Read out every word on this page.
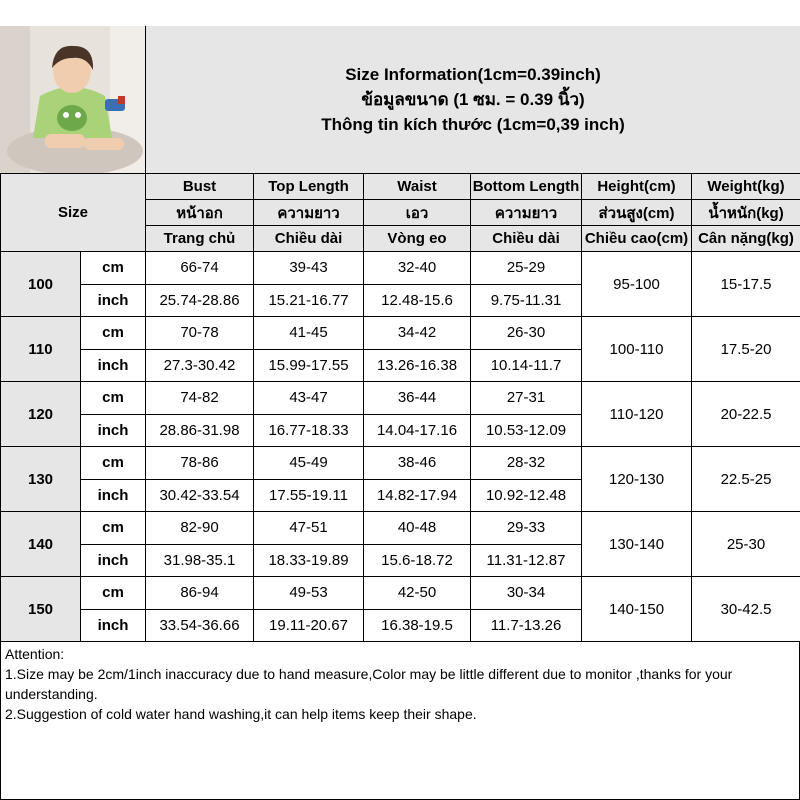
Size Information(1cm=0.39inch)
ข้อมูลขนาด (1 ซม. = 0.39 นิ้ว)
Thông tin kích thước (1cm=0,39 inch)
Size		Bust	Top Length	Waist	Bottom Length	Height(cm)	Weight(kg)
		หน้าอก	ความยาว	เอว	ความยาว	ส่วนสูง(cm)	น้ำหนัก(kg)
		Trang chủ	Chiều dài	Vòng eo	Chiều dài	Chiều cao(cm)	Cân nặng(kg)
100	cm	66-74	39-43	32-40	25-29	95-100	15-17.5
	inch	25.74-28.86	15.21-16.77	12.48-15.6	9.75-11.31		
110	cm	70-78	41-45	34-42	26-30	100-110	17.5-20
	inch	27.3-30.42	15.99-17.55	13.26-16.38	10.14-11.7		
120	cm	74-82	43-47	36-44	27-31	110-120	20-22.5
	inch	28.86-31.98	16.77-18.33	14.04-17.16	10.53-12.09		
130	cm	78-86	45-49	38-46	28-32	120-130	22.5-25
	inch	30.42-33.54	17.55-19.11	14.82-17.94	10.92-12.48		
140	cm	82-90	47-51	40-48	29-33	130-140	25-30
	inch	31.98-35.1	18.33-19.89	15.6-18.72	11.31-12.87		
150	cm	86-94	49-53	42-50	30-34	140-150	30-42.5
	inch	33.54-36.66	19.11-20.67	16.38-19.5	11.7-13.26		
Attention:
1.Size may be 2cm/1inch inaccuracy due to hand measure,Color may be little different due to monitor ,thanks for your understanding.
2.Suggestion of cold water hand washing,it can help items keep their shape.
